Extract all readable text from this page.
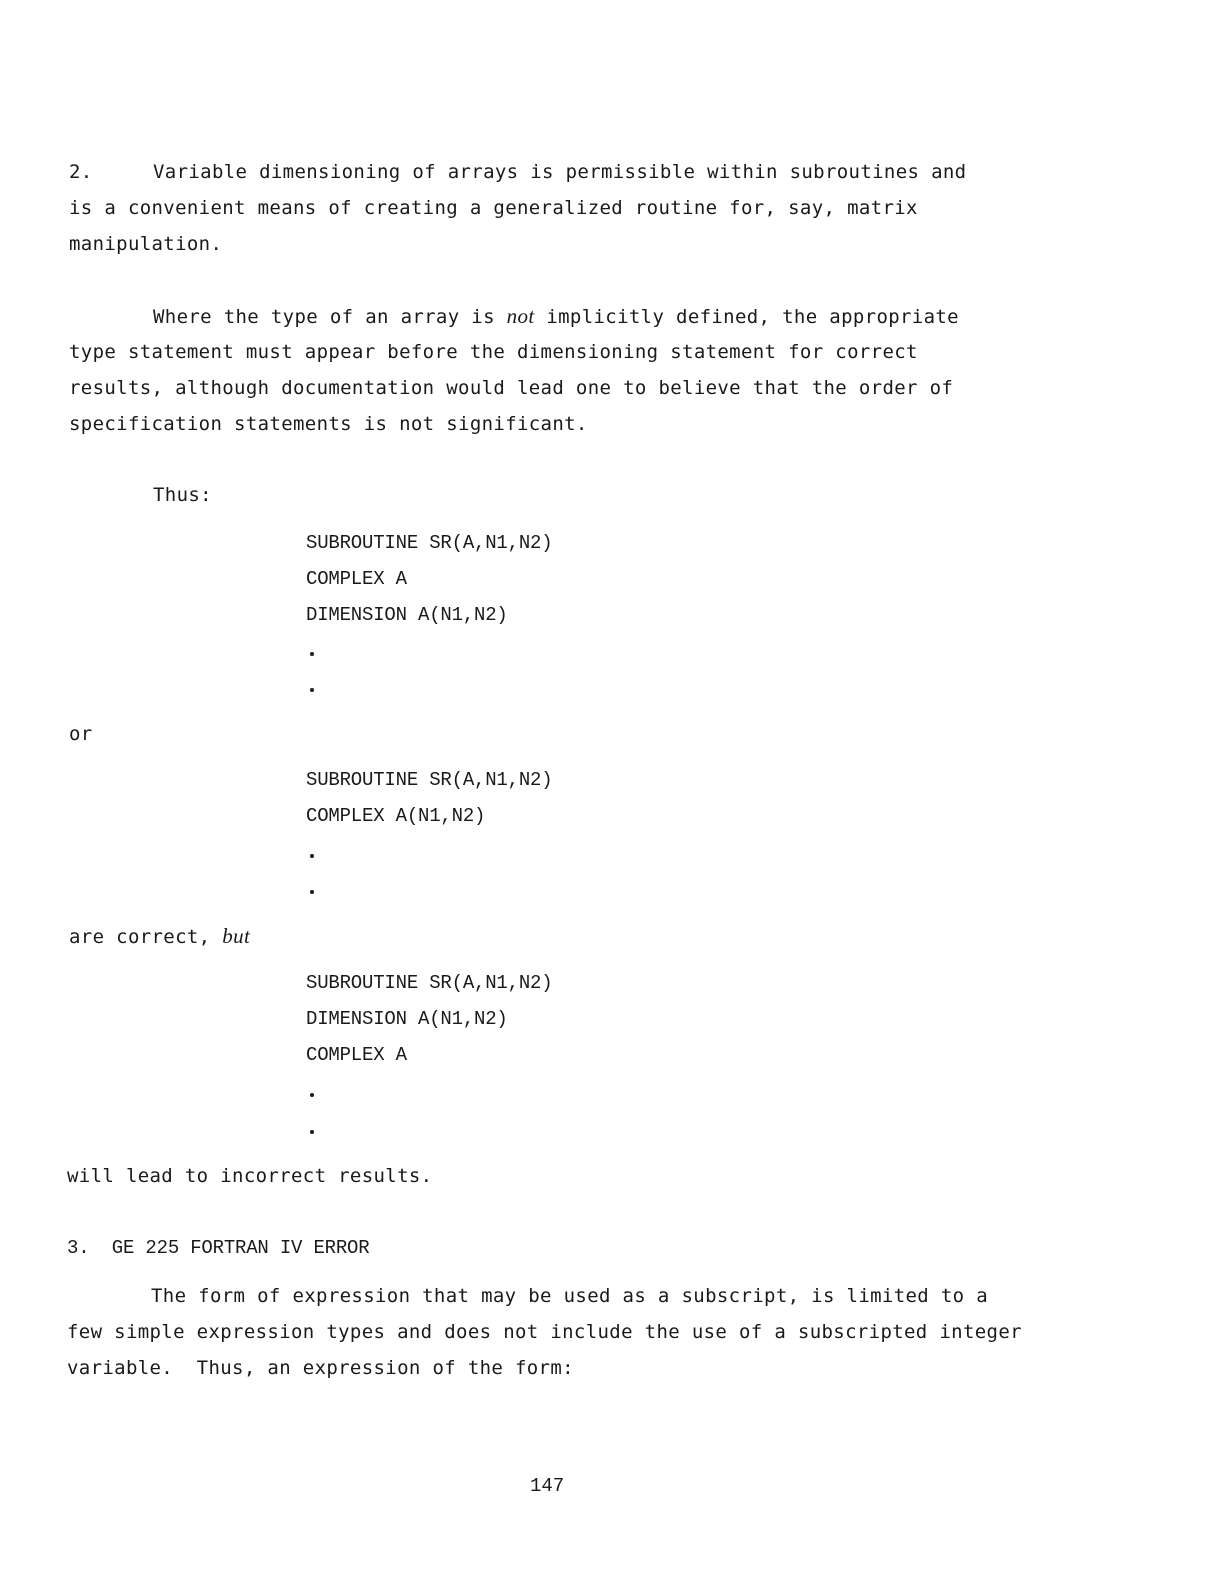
2.	Variable dimensioning of arrays is permissible within subroutines and
is a convenient means of creating a generalized routine for, say, matrix
manipulation.
Where the type of an array is not implicitly defined, the appropriate
type statement must appear before the dimensioning statement for correct
results, although documentation would lead one to believe that the order of
specification statements is not significant.
Thus:
SUBROUTINE SR(A,N1,N2)
COMPLEX A
DIMENSION A(N1,N2)
or
SUBROUTINE SR(A,N1,N2)
COMPLEX A(N1,N2)
are correct, but
SUBROUTINE SR(A,N1,N2)
DIMENSION A(N1,N2)
COMPLEX A
will lead to incorrect results.
3.  GE 225 FORTRAN IV ERROR
The form of expression that may be used as a subscript, is limited to a
few simple expression types and does not include the use of a subscripted integer
variable.  Thus, an expression of the form:
147
